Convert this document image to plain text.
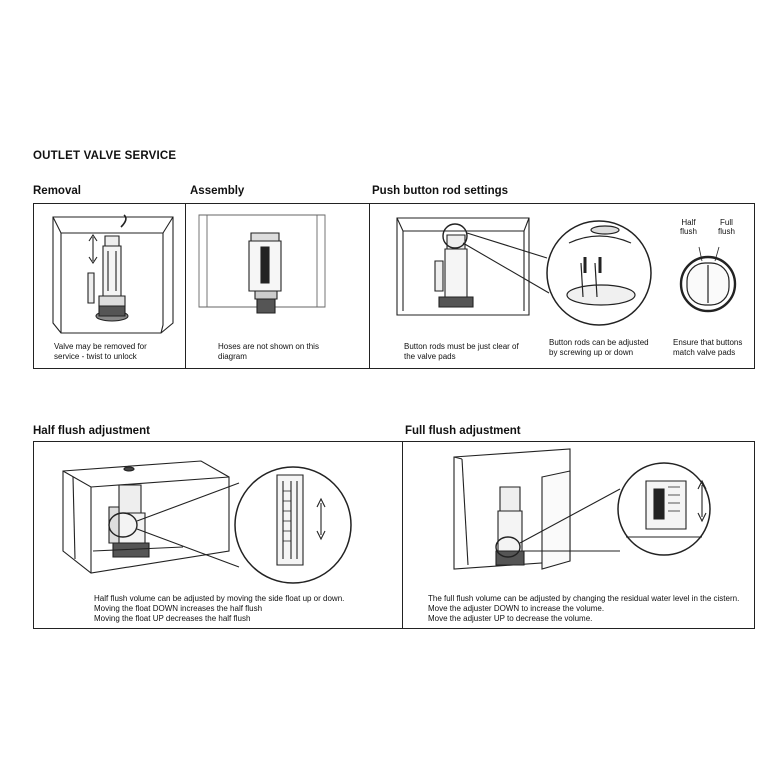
OUTLET VALVE SERVICE
Removal	Assembly	Push button rod settings
Half flush adjustment	Full flush adjustment
Valve may be removed for
service - twist to unlock
Hoses are not shown on this
diagram
Half
flush
Full
flush
Button rods must be just clear of
the valve pads
Button rods can be adjusted
by screwing up or down
Ensure that buttons
match valve pads
Half flush volume can be adjusted by moving the side float up or down.
Moving the float DOWN increases the half flush
Moving the float UP decreases the half flush
The full flush volume can be adjusted by changing the residual water level in the cistern.
Move the adjuster DOWN to increase the volume.
Move the adjuster UP to decrease the volume.
